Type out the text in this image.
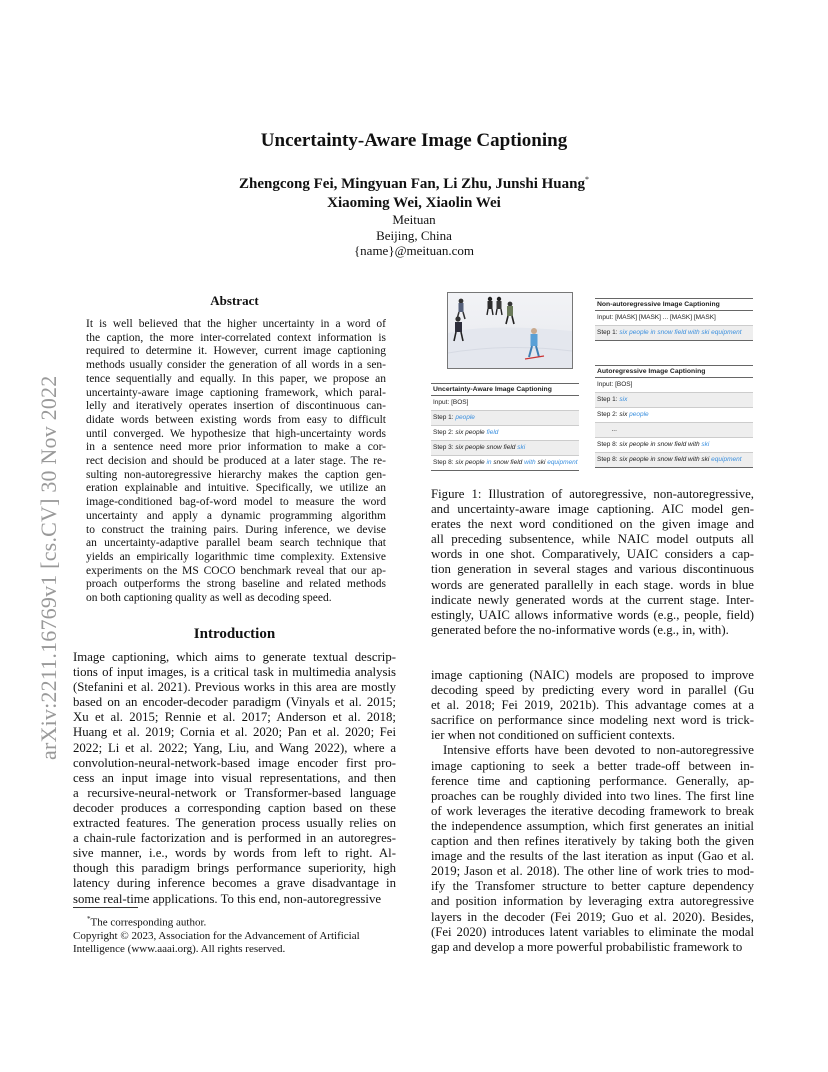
Uncertainty-Aware Image Captioning
Zhengcong Fei, Mingyuan Fan, Li Zhu, Junshi Huang*
Xiaoming Wei, Xiaolin Wei
Meituan
Beijing, China
{name}@meituan.com
arXiv:2211.16769v1 [cs.CV] 30 Nov 2022
Abstract
It is well believed that the higher uncertainty in a word of
the caption, the more inter-correlated context information is
required to determine it. However, current image captioning
methods usually consider the generation of all words in a sen-
tence sequentially and equally. In this paper, we propose an
uncertainty-aware image captioning framework, which paral-
lelly and iteratively operates insertion of discontinuous can-
didate words between existing words from easy to difficult
until converged. We hypothesize that high-uncertainty words
in a sentence need more prior information to make a cor-
rect decision and should be produced at a later stage. The re-
sulting non-autoregressive hierarchy makes the caption gen-
eration explainable and intuitive. Specifically, we utilize an
image-conditioned bag-of-word model to measure the word
uncertainty and apply a dynamic programming algorithm
to construct the training pairs. During inference, we devise
an uncertainty-adaptive parallel beam search technique that
yields an empirically logarithmic time complexity. Extensive
experiments on the MS COCO benchmark reveal that our ap-
proach outperforms the strong baseline and related methods
on both captioning quality as well as decoding speed.
Introduction
Image captioning, which aims to generate textual descrip-
tions of input images, is a critical task in multimedia analysis
(Stefanini et al. 2021). Previous works in this area are mostly
based on an encoder-decoder paradigm (Vinyals et al. 2015;
Xu et al. 2015; Rennie et al. 2017; Anderson et al. 2018;
Huang et al. 2019; Cornia et al. 2020; Pan et al. 2020; Fei
2022; Li et al. 2022; Yang, Liu, and Wang 2022), where a
convolution-neural-network-based image encoder first pro-
cess an input image into visual representations, and then
a recursive-neural-network or Transformer-based language
decoder produces a corresponding caption based on these
extracted features. The generation process usually relies on
a chain-rule factorization and is performed in an autoregres-
sive manner, i.e., words by words from left to right. Al-
though this paradigm brings performance superiority, high
latency during inference becomes a grave disadvantage in
some real-time applications. To this end, non-autoregressive
*The corresponding author.
Copyright © 2023, Association for the Advancement of Artificial
Intelligence (www.aaai.org). All rights reserved.
Uncertainty-Aware Image Captioning
Input: [BOS]
Step 1: people
Step 2: six people field
Step 3: six people snow field ski
Step 8: six people in snow field with ski equipment
Non-autoregressive Image Captioning
Input: [MASK] [MASK] ... [MASK] [MASK]
Step 1: six people in snow field with ski equipment
Autoregressive Image Captioning
Input: [BOS]
Step 1: six
Step 2: six people
...
Step 8: six people in snow field with ski
Step 8: six people in snow field with ski equipment
Figure 1: Illustration of autoregressive, non-autoregressive,
and uncertainty-aware image captioning. AIC model gen-
erates the next word conditioned on the given image and
all preceding subsentence, while NAIC model outputs all
words in one shot. Comparatively, UAIC considers a cap-
tion generation in several stages and various discontinuous
words are generated parallelly in each stage. words in blue
indicate newly generated words at the current stage. Inter-
estingly, UAIC allows informative words (e.g., people, field)
generated before the no-informative words (e.g., in, with).
image captioning (NAIC) models are proposed to improve
decoding speed by predicting every word in parallel (Gu
et al. 2018; Fei 2019, 2021b). This advantage comes at a
sacrifice on performance since modeling next word is trick-
ier when not conditioned on sufficient contexts.
Intensive efforts have been devoted to non-autoregressive
image captioning to seek a better trade-off between in-
ference time and captioning performance. Generally, ap-
proaches can be roughly divided into two lines. The first line
of work leverages the iterative decoding framework to break
the independence assumption, which first generates an initial
caption and then refines iteratively by taking both the given
image and the results of the last iteration as input (Gao et al.
2019; Jason et al. 2018). The other line of work tries to mod-
ify the Transfomer structure to better capture dependency
and position information by leveraging extra autoregressive
layers in the decoder (Fei 2019; Guo et al. 2020). Besides,
(Fei 2020) introduces latent variables to eliminate the modal
gap and develop a more powerful probabilistic framework to
